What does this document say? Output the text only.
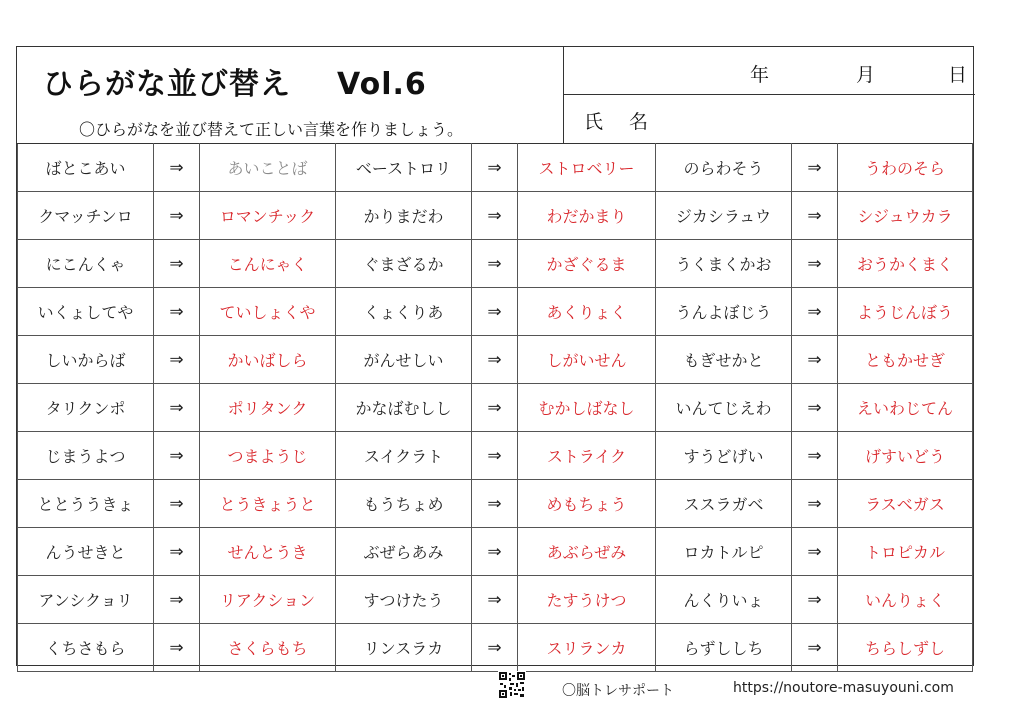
ひらがな並び替え Vol.6
〇ひらがなを並び替えて正しい言葉を作りましょう。
年	月	日
氏 名
ばとこあい	⇒	あいことば	ベーストロリ	⇒	ストロベリー	のらわそう	⇒	うわのそら
クマッチンロ	⇒	ロマンチック	かりまだわ	⇒	わだかまり	ジカシラュウ	⇒	シジュウカラ
にこんくゃ	⇒	こんにゃく	ぐまざるか	⇒	かざぐるま	うくまくかお	⇒	おうかくまく
いくょしてや	⇒	ていしょくや	くょくりあ	⇒	あくりょく	うんよぼじう	⇒	ようじんぼう
しいからば	⇒	かいばしら	がんせしい	⇒	しがいせん	もぎせかと	⇒	ともかせぎ
タリクンポ	⇒	ポリタンク	かなばむしし	⇒	むかしばなし	いんてじえわ	⇒	えいわじてん
じまうよつ	⇒	つまようじ	スイクラト	⇒	ストライク	すうどげい	⇒	げすいどう
ととううきょ	⇒	とうきょうと	もうちょめ	⇒	めもちょう	ススラガベ	⇒	ラスベガス
んうせきと	⇒	せんとうき	ぶぜらあみ	⇒	あぶらぜみ	ロカトルピ	⇒	トロピカル
アンシクョリ	⇒	リアクション	すつけたう	⇒	たすうけつ	んくりいょ	⇒	いんりょく
くちさもら	⇒	さくらもち	リンスラカ	⇒	スリランカ	らずししち	⇒	ちらしずし
〇脳トレサポート	https://noutore-masuyouni.com
